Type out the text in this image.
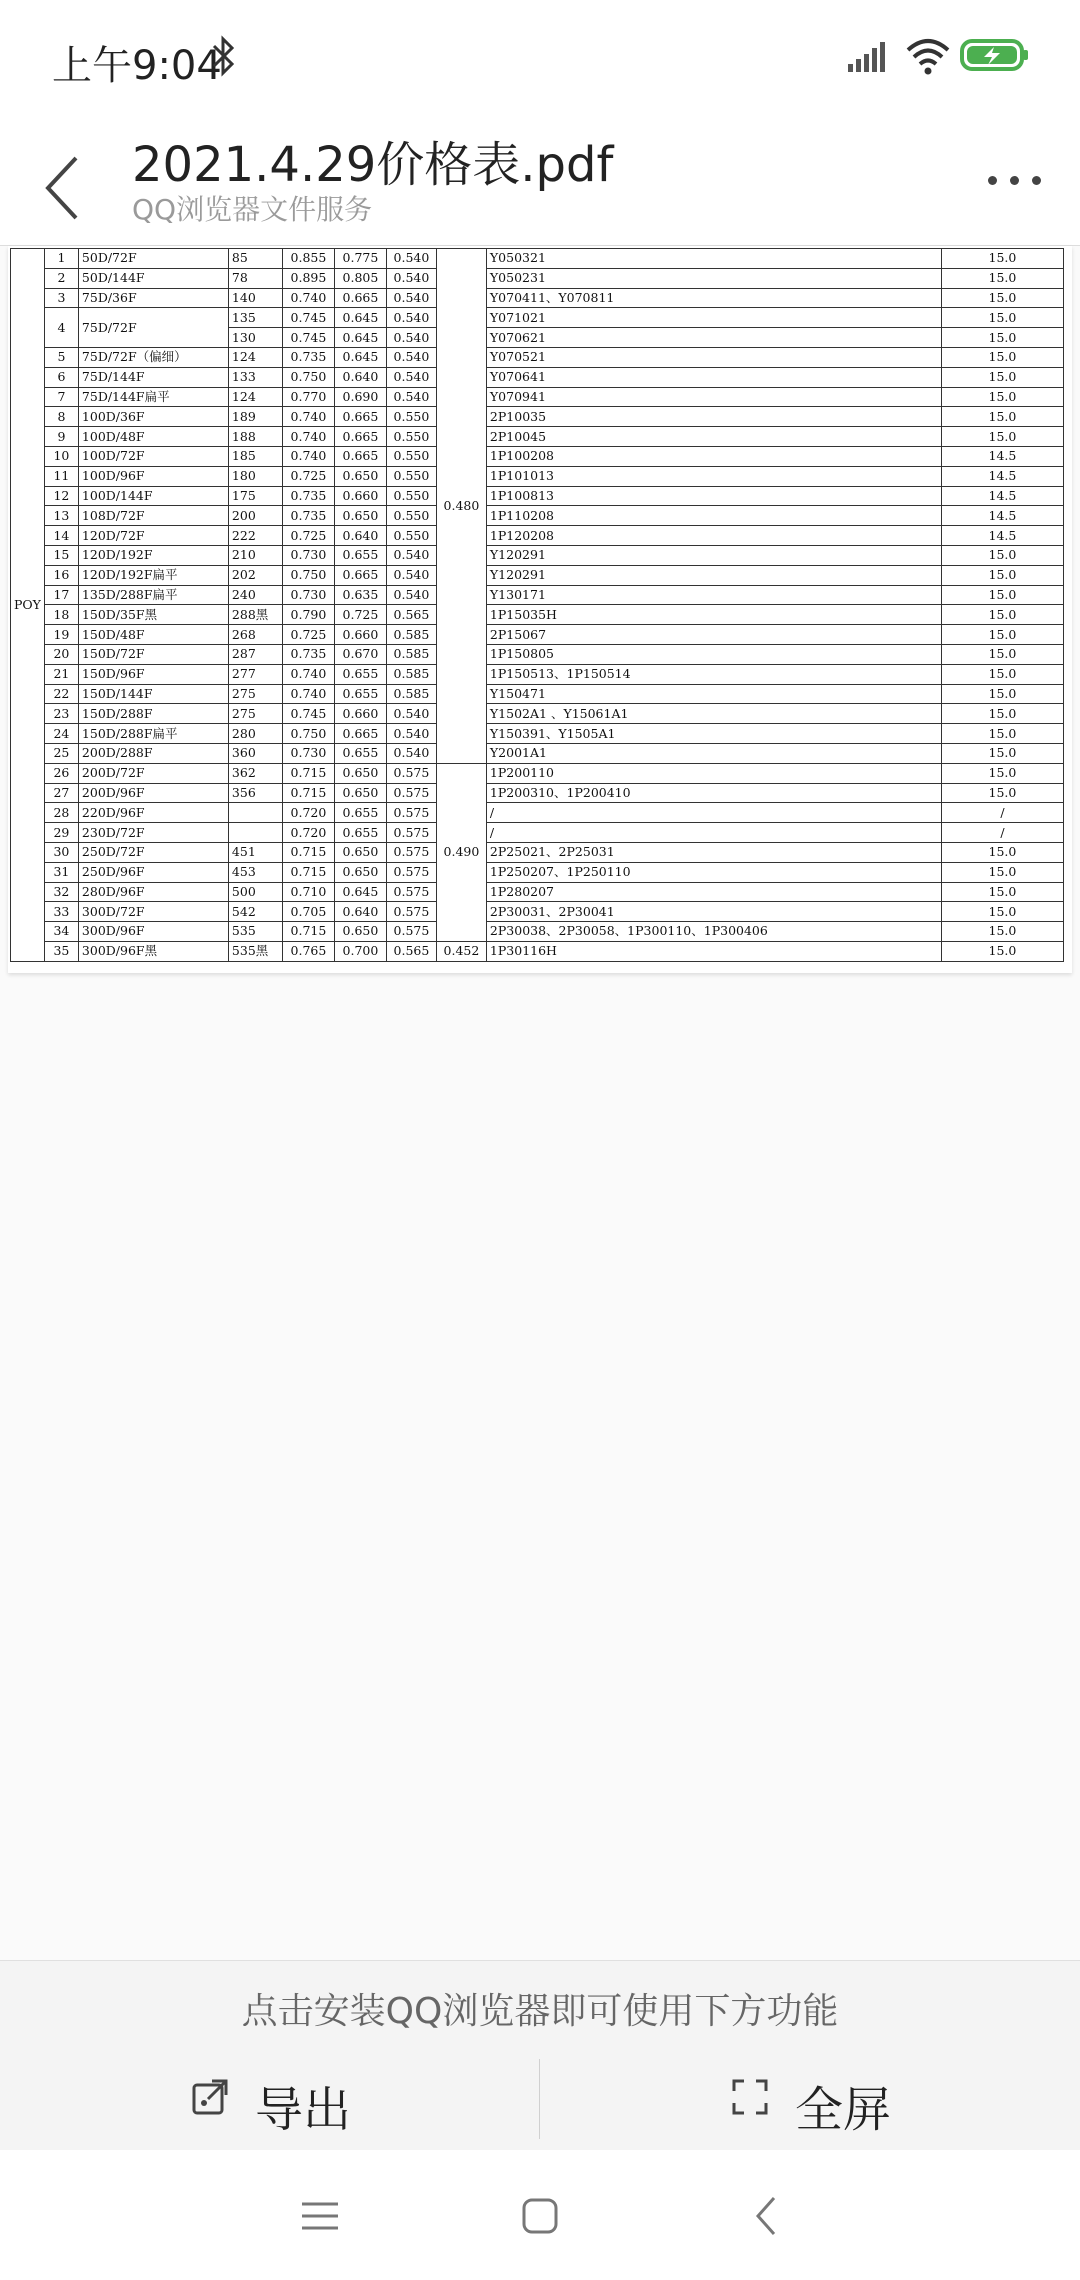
上午9:04
2021.4.29价格表.pdf
QQ浏览器文件服务
POY	1	50D/72F	85	0.855	0.775	0.540	0.480	Y050321	15.0
	2	50D/144F	78	0.895	0.805	0.540		Y050231	15.0
	3	75D/36F	140	0.740	0.665	0.540		Y070411、Y070811	15.0
	4	75D/72F	135	0.745	0.645	0.540		Y071021	15.0
			130	0.745	0.645	0.540		Y070621	15.0
	5	75D/72F（偏细）	124	0.735	0.645	0.540		Y070521	15.0
	6	75D/144F	133	0.750	0.640	0.540		Y070641	15.0
	7	75D/144F扁平	124	0.770	0.690	0.540		Y070941	15.0
	8	100D/36F	189	0.740	0.665	0.550		2P10035	15.0
	9	100D/48F	188	0.740	0.665	0.550		2P10045	15.0
	10	100D/72F	185	0.740	0.665	0.550		1P100208	14.5
	11	100D/96F	180	0.725	0.650	0.550		1P101013	14.5
	12	100D/144F	175	0.735	0.660	0.550		1P100813	14.5
	13	108D/72F	200	0.735	0.650	0.550		1P110208	14.5
	14	120D/72F	222	0.725	0.640	0.550		1P120208	14.5
	15	120D/192F	210	0.730	0.655	0.540		Y120291	15.0
	16	120D/192F扁平	202	0.750	0.665	0.540		Y120291	15.0
	17	135D/288F扁平	240	0.730	0.635	0.540		Y130171	15.0
	18	150D/35F黑	288黑	0.790	0.725	0.565		1P15035H	15.0
	19	150D/48F	268	0.725	0.660	0.585		2P15067	15.0
	20	150D/72F	287	0.735	0.670	0.585		1P150805	15.0
	21	150D/96F	277	0.740	0.655	0.585		1P150513、1P150514	15.0
	22	150D/144F	275	0.740	0.655	0.585		Y150471	15.0
	23	150D/288F	275	0.745	0.660	0.540		Y1502A1 、Y15061A1	15.0
	24	150D/288F扁平	280	0.750	0.665	0.540		Y150391、Y1505A1	15.0
	25	200D/288F	360	0.730	0.655	0.540		Y2001A1	15.0
	26	200D/72F	362	0.715	0.650	0.575	0.490	1P200110	15.0
	27	200D/96F	356	0.715	0.650	0.575		1P200310、1P200410	15.0
	28	220D/96F		0.720	0.655	0.575		/	/
	29	230D/72F		0.720	0.655	0.575		/	/
	30	250D/72F	451	0.715	0.650	0.575		2P25021、2P25031	15.0
	31	250D/96F	453	0.715	0.650	0.575		1P250207、1P250110	15.0
	32	280D/96F	500	0.710	0.645	0.575		1P280207	15.0
	33	300D/72F	542	0.705	0.640	0.575		2P30031、2P30041	15.0
	34	300D/96F	535	0.715	0.650	0.575		2P30038、2P30058、1P300110、1P300406	15.0
	35	300D/96F黑	535黑	0.765	0.700	0.565	0.452	1P30116H	15.0
点击安装QQ浏览器即可使用下方功能
导出	全屏
